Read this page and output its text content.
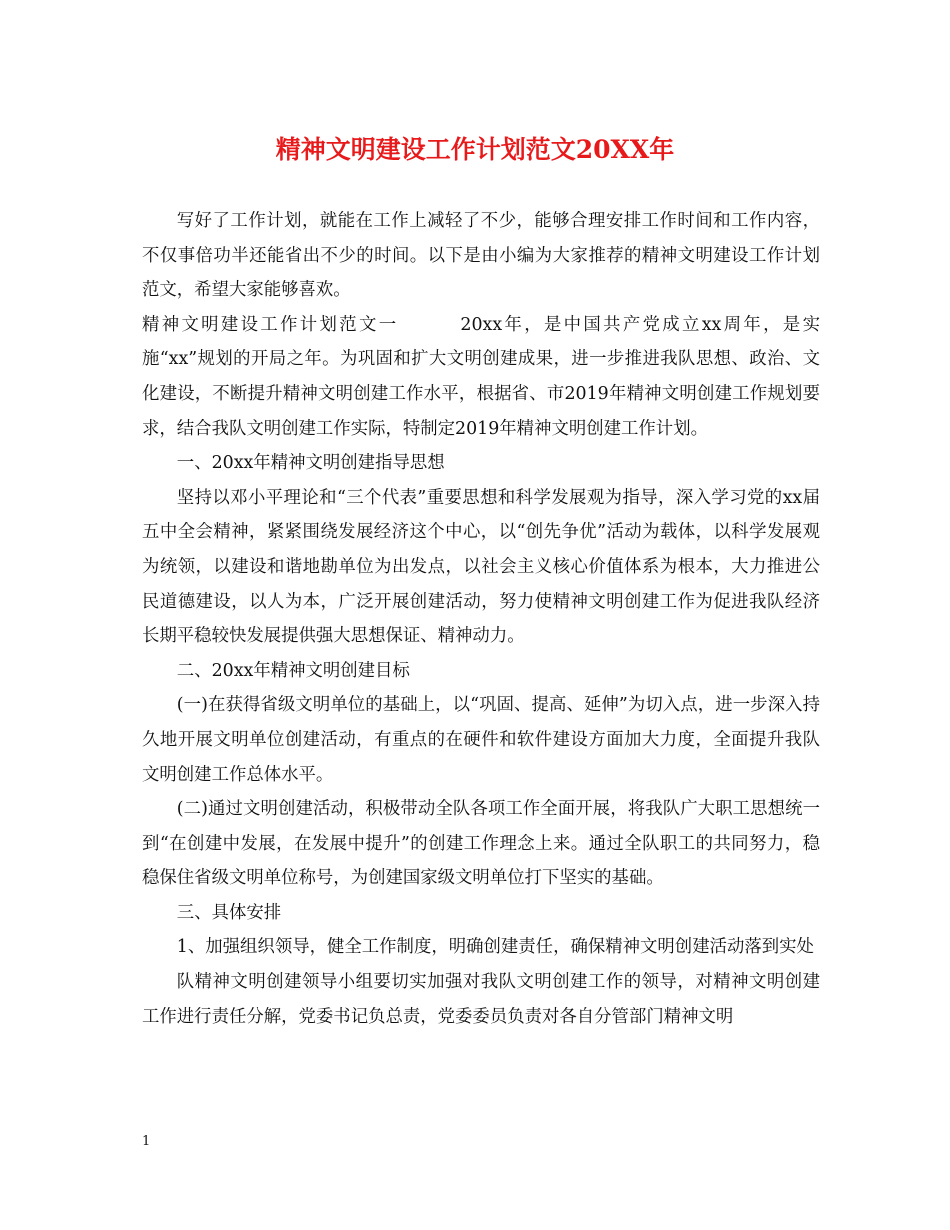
精神文明建设工作计划范文20XX年

写好了工作计划，就能在工作上减轻了不少，能够合理安排工作时间和工作内容，不仅事倍功半还能省出不少的时间。以下是由小编为大家推荐的精神文明建设工作计划范文，希望大家能够喜欢。

精神文明建设工作计划范文一	20xx年，是中国共产党成立xx周年，是实施“xx”规划的开局之年。为巩固和扩大文明创建成果，进一步推进我队思想、政治、文化建设，不断提升精神文明创建工作水平，根据省、市2019年精神文明创建工作规划要求，结合我队文明创建工作实际，特制定2019年精神文明创建工作计划。

一、20xx年精神文明创建指导思想

坚持以邓小平理论和“三个代表”重要思想和科学发展观为指导，深入学习党的xx届五中全会精神，紧紧围绕发展经济这个中心，以“创先争优”活动为载体，以科学发展观为统领，以建设和谐地勘单位为出发点，以社会主义核心价值体系为根本，大力推进公民道德建设，以人为本，广泛开展创建活动，努力使精神文明创建工作为促进我队经济长期平稳较快发展提供强大思想保证、精神动力。

二、20xx年精神文明创建目标

(一)在获得省级文明单位的基础上，以“巩固、提高、延伸”为切入点，进一步深入持久地开展文明单位创建活动，有重点的在硬件和软件建设方面加大力度，全面提升我队文明创建工作总体水平。

(二)通过文明创建活动，积极带动全队各项工作全面开展，将我队广大职工思想统一到“在创建中发展，在发展中提升”的创建工作理念上来。通过全队职工的共同努力，稳稳保住省级文明单位称号，为创建国家级文明单位打下坚实的基础。

三、具体安排

1、加强组织领导，健全工作制度，明确创建责任，确保精神文明创建活动落到实处

队精神文明创建领导小组要切实加强对我队文明创建工作的领导，对精神文明创建工作进行责任分解，党委书记负总责，党委委员负责对各自分管部门精神文明

1
